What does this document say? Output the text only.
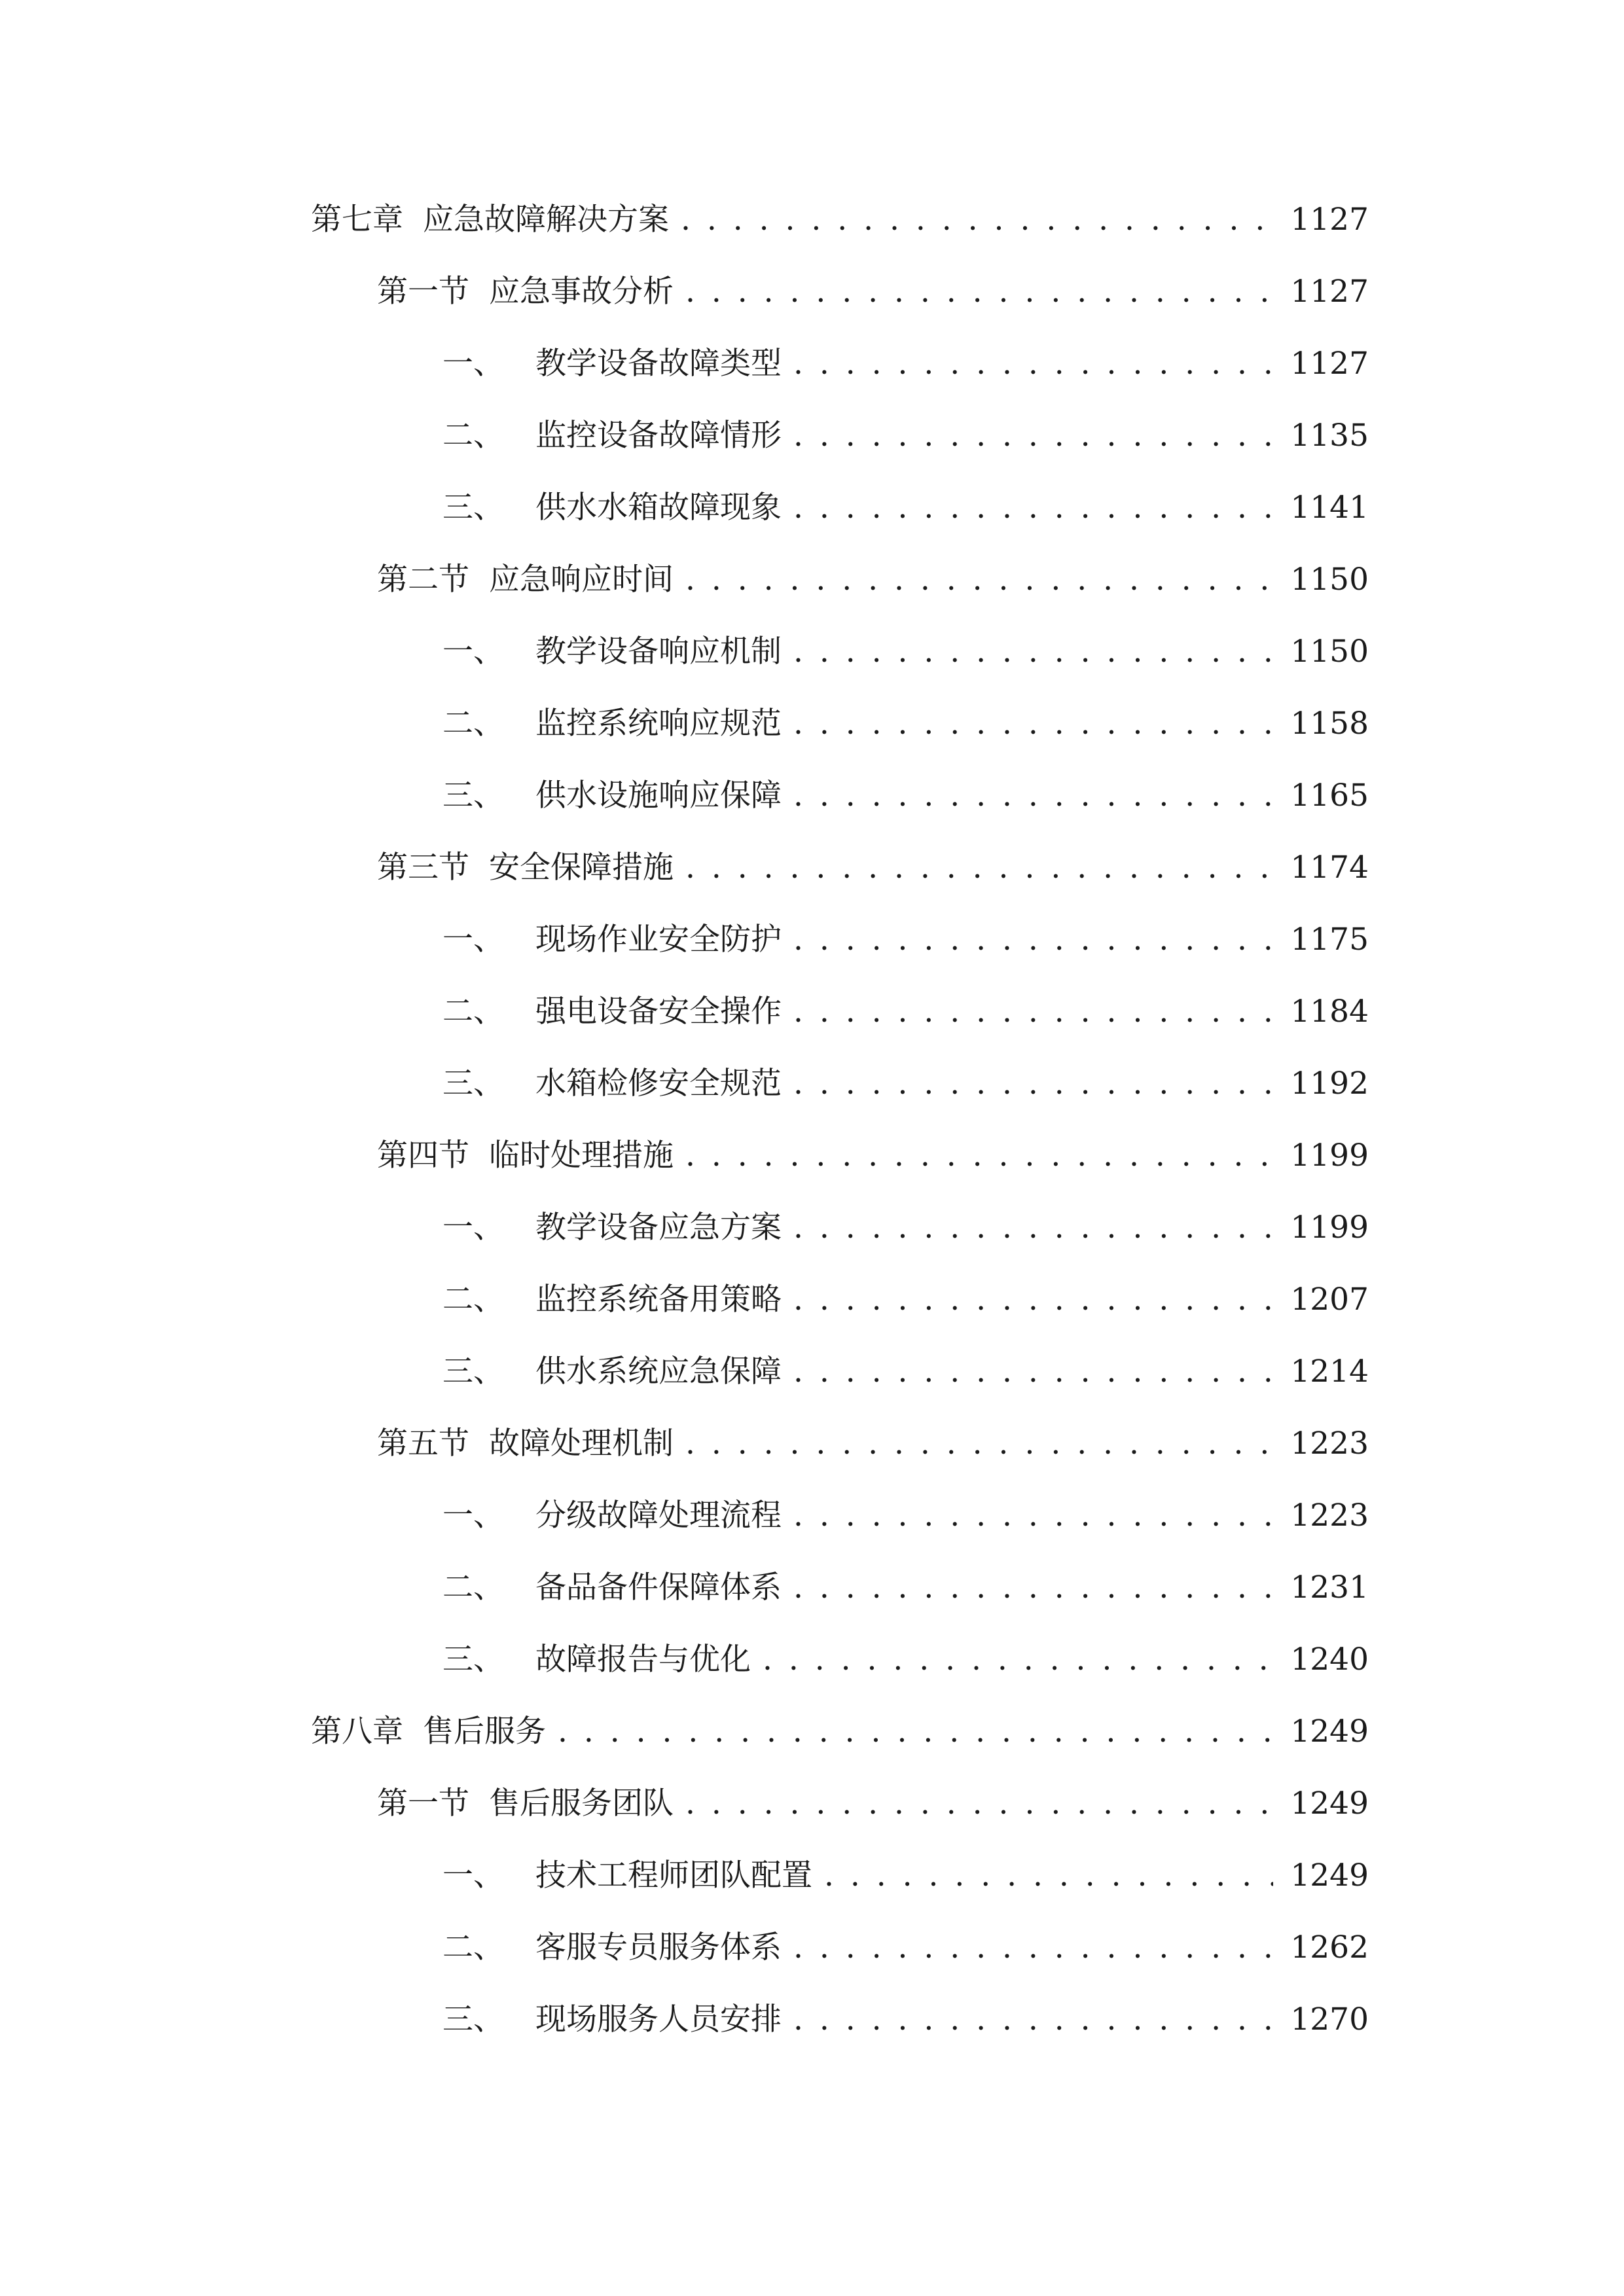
第七章 应急故障解决方案 . . .	1127
第一节 应急事故分析 . . .	1127
一、 教学设备故障类型 . . .	1127
二、 监控设备故障情形 . . .	1135
三、 供水水箱故障现象 . . .	1141
第二节 应急响应时间 . . .	1150
一、 教学设备响应机制 . . .	1150
二、 监控系统响应规范 . . .	1158
三、 供水设施响应保障 . . .	1165
第三节 安全保障措施 . . .	1174
一、 现场作业安全防护 . . .	1175
二、 强电设备安全操作 . . .	1184
三、 水箱检修安全规范 . . .	1192
第四节 临时处理措施 . . .	1199
一、 教学设备应急方案 . . .	1199
二、 监控系统备用策略 . . .	1207
三、 供水系统应急保障 . . .	1214
第五节 故障处理机制 . . .	1223
一、 分级故障处理流程 . . .	1223
二、 备品备件保障体系 . . .	1231
三、 故障报告与优化 . . .	1240
第八章 售后服务 . . .	1249
第一节 售后服务团队 . . .	1249
一、 技术工程师团队配置 . . .	1249
二、 客服专员服务体系 . . .	1262
三、 现场服务人员安排 . . .	1270
